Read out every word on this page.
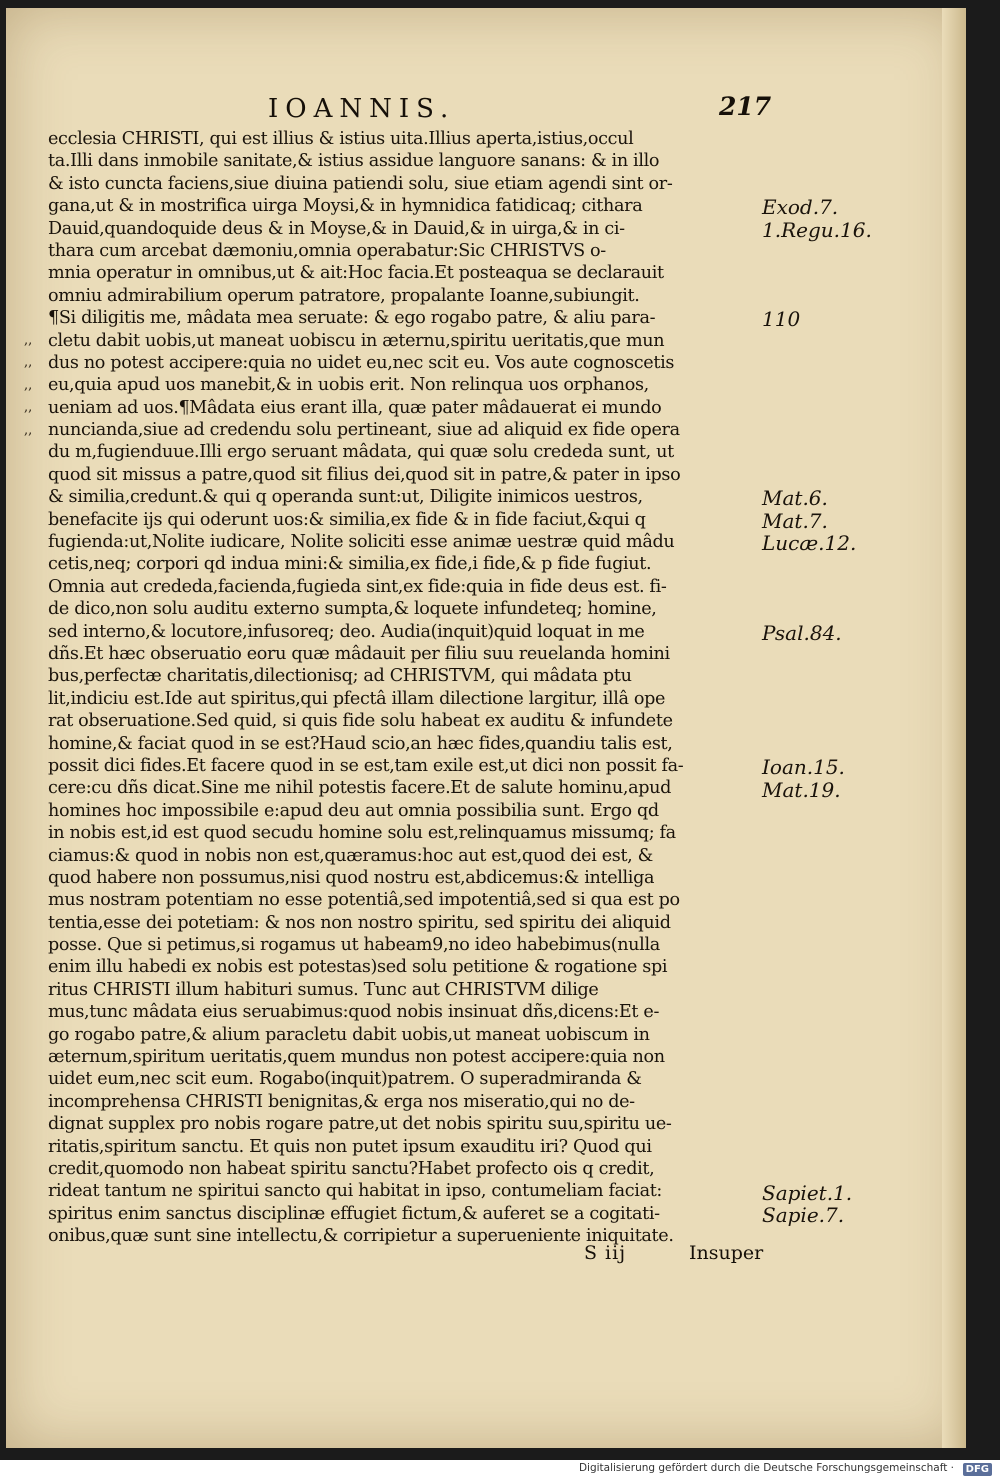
IOANNIS.	217
,,
,,
,,
,,
,,
ecclesia CHRISTI, qui est illius & istius uita.Illius aperta,istius,occul
ta.Illi dans inmobile sanitate,& istius assidue languore sanans: & in illo
& isto cuncta faciens,siue diuina patiendi solu, siue etiam agendi sint or-
gana,ut & in mostrifica uirga Moysi,& in hymnidica fatidicaq; cithara
Dauid,quandoquide deus & in Moyse,& in Dauid,& in uirga,& in ci-
thara cum arcebat dæmoniu,omnia operabatur:Sic CHRISTVS o-
mnia operatur in omnibus,ut & ait:Hoc facia.Et posteaqua se declarauit
omniu admirabilium operum patratore, propalante Ioanne,subiungit.
¶Si diligitis me, mâdata mea seruate: & ego rogabo patre, & aliu para-
cletu dabit uobis,ut maneat uobiscu in æternu,spiritu ueritatis,que mun
dus no potest accipere:quia no uidet eu,nec scit eu. Vos aute cognoscetis
eu,quia apud uos manebit,& in uobis erit. Non relinqua uos orphanos,
ueniam ad uos.¶Mâdata eius erant illa, quæ pater mâdauerat ei mundo
nuncianda,siue ad credendu solu pertineant, siue ad aliquid ex fide opera
du m,fugienduue.Illi ergo seruant mâdata, qui quæ solu crededa sunt, ut
quod sit missus a patre,quod sit filius dei,quod sit in patre,& pater in ipso
& similia,credunt.& qui q operanda sunt:ut, Diligite inimicos uestros,
benefacite ijs qui oderunt uos:& similia,ex fide & in fide faciut,&qui q
fugienda:ut,Nolite iudicare, Nolite soliciti esse animæ uestræ quid mâdu
cetis,neq; corpori qd indua mini:& similia,ex fide,i fide,& p fide fugiut.
Omnia aut crededa,facienda,fugieda sint,ex fide:quia in fide deus est. fi-
de dico,non solu auditu externo sumpta,& loquete infundeteq; homine,
sed interno,& locutore,infusoreq; deo. Audia(inquit)quid loquat in me
dñs.Et hæc obseruatio eoru quæ mâdauit per filiu suu reuelanda homini
bus,perfectæ charitatis,dilectionisq; ad CHRISTVM, qui mâdata ptu
lit,indiciu est.Ide aut spiritus,qui pfectâ illam dilectione largitur, illâ ope
rat obseruatione.Sed quid, si quis fide solu habeat ex auditu & infundete
homine,& faciat quod in se est?Haud scio,an hæc fides,quandiu talis est,
possit dici fides.Et facere quod in se est,tam exile est,ut dici non possit fa-
cere:cu dñs dicat.Sine me nihil potestis facere.Et de salute hominu,apud
homines hoc impossibile e:apud deu aut omnia possibilia sunt. Ergo qd
in nobis est,id est quod secudu homine solu est,relinquamus missumq; fa
ciamus:& quod in nobis non est,quæramus:hoc aut est,quod dei est, &
quod habere non possumus,nisi quod nostru est,abdicemus:& intelliga
mus nostram potentiam no esse potentiâ,sed impotentiâ,sed si qua est po
tentia,esse dei potetiam: & nos non nostro spiritu, sed spiritu dei aliquid
posse. Que si petimus,si rogamus ut habeam9,no ideo habebimus(nulla
enim illu habedi ex nobis est potestas)sed solu petitione & rogatione spi
ritus CHRISTI illum habituri sumus. Tunc aut CHRISTVM dilige
mus,tunc mâdata eius seruabimus:quod nobis insinuat dñs,dicens:Et e-
go rogabo patre,& alium paracletu dabit uobis,ut maneat uobiscum in
æternum,spiritum ueritatis,quem mundus non potest accipere:quia non
uidet eum,nec scit eum. Rogabo(inquit)patrem. O superadmiranda &
incomprehensa CHRISTI benignitas,& erga nos miseratio,qui no de-
dignat supplex pro nobis rogare patre,ut det nobis spiritu suu,spiritu ue-
ritatis,spiritum sanctu. Et quis non putet ipsum exauditu iri? Quod qui
credit,quomodo non habeat spiritu sanctu?Habet profecto ois q credit,
rideat tantum ne spiritui sancto qui habitat in ipso, contumeliam faciat:
spiritus enim sanctus disciplinæ effugiet fictum,& auferet se a cogitati-
onibus,quæ sunt sine intellectu,& corripietur a superueniente iniquitate.
Exod.7.
1.Regu.16.
110
Mat.6.
Mat.7.
Lucæ.12.
Psal.84.
Ioan.15.
Mat.19.
Sapiet.1.
Sapie.7.
S iij	Insuper
Digitalisierung gefördert durch die Deutsche Forschungsgemeinschaft ·	DFG
